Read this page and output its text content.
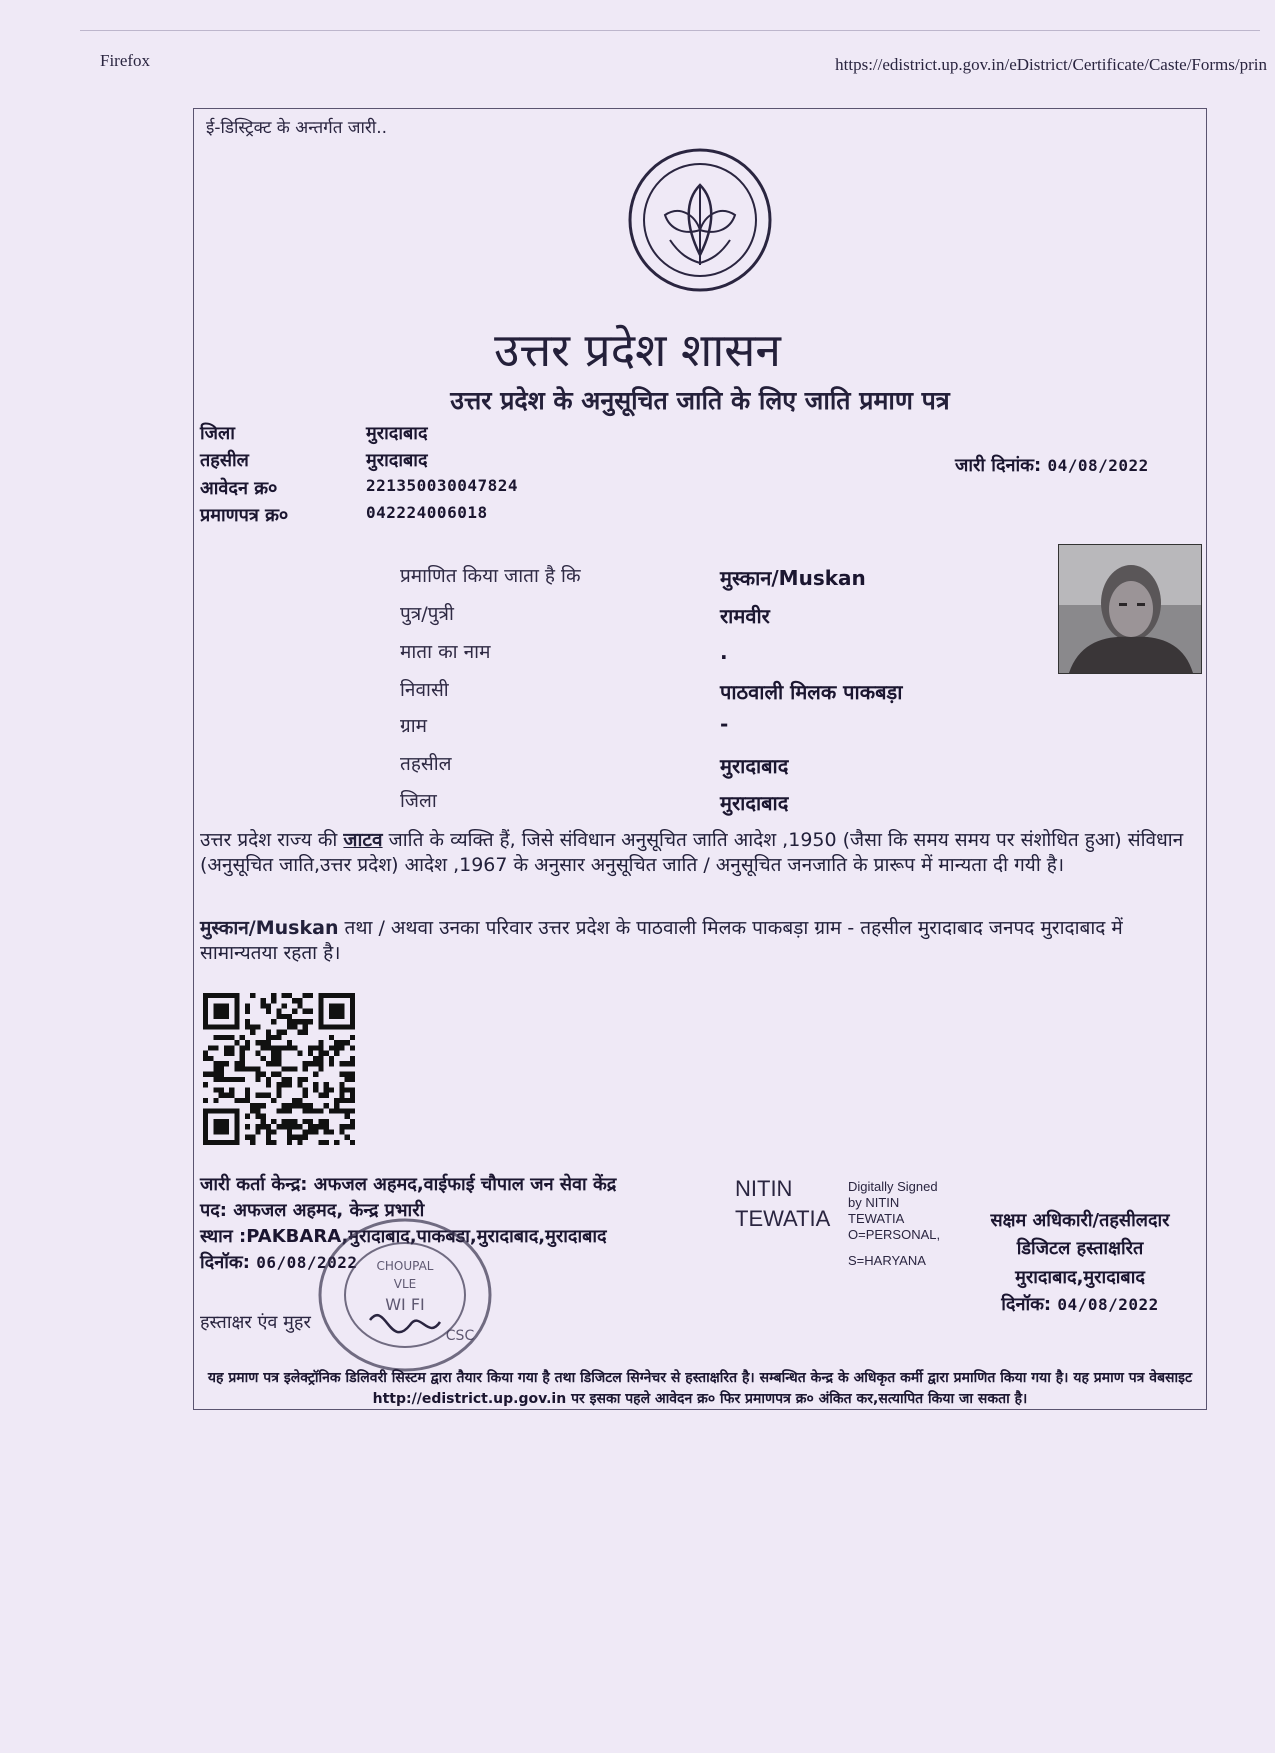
Firefox	https://edistrict.up.gov.in/eDistrict/Certificate/Caste/Forms/prin
ई-डिस्ट्रिक्ट के अन्तर्गत जारी..
उत्तर प्रदेश शासन
उत्तर प्रदेश के अनुसूचित जाति के लिए जाति प्रमाण पत्र
जिला	मुरादाबाद
तहसील	मुरादाबाद
आवेदन क्र०	221350030047824
प्रमाणपत्र क्र०	042224006018
जारी दिनांक: 04/08/2022
प्रमाणित किया जाता है कि	मुस्कान/Muskan
पुत्र/पुत्री	रामवीर
माता का नाम	.
निवासी	पाठवाली मिलक पाकबड़ा
ग्राम	-
तहसील	मुरादाबाद
जिला	मुरादाबाद
उत्तर प्रदेश राज्य की जाटव जाति के व्यक्ति हैं, जिसे संविधान अनुसूचित जाति आदेश ,1950 (जैसा कि समय समय पर संशोधित हुआ) संविधान (अनुसूचित जाति,उत्तर प्रदेश) आदेश ,1967 के अनुसार अनुसूचित जाति / अनुसूचित जनजाति के प्रारूप में मान्यता दी गयी है।
मुस्कान/Muskan तथा / अथवा उनका परिवार उत्तर प्रदेश के पाठवाली मिलक पाकबड़ा ग्राम - तहसील मुरादाबाद जनपद मुरादाबाद में सामान्यतया रहता है।
जारी कर्ता केन्द्र: अफजल अहमद,वाईफाई चौपाल जन सेवा केंद्र
पद: अफजल अहमद, केन्द्र प्रभारी
स्थान :PAKBARA,मुरादाबाद,पाकबडा,मुरादाबाद,मुरादाबाद
दिनॉक: 06/08/2022
हस्ताक्षर एंव मुहर
CHOUPAL
VLE
WI FI
CSC
NITIN
TEWATIA
Digitally Signed
by NITIN
TEWATIA
O=PERSONAL,
S=HARYANA
सक्षम अधिकारी/तहसीलदार
डिजिटल हस्ताक्षरित
मुरादाबाद,मुरादाबाद
दिनॉक: 04/08/2022
यह प्रमाण पत्र इलेक्ट्रॉनिक डिलिवरी सिस्टम द्वारा तैयार किया गया है तथा डिजिटल सिग्नेचर से हस्ताक्षरित है। सम्बन्धित केन्द्र के अधिकृत कर्मी द्वारा प्रमाणित किया गया है। यह प्रमाण पत्र वेबसाइट http://edistrict.up.gov.in पर इसका पहले आवेदन क्र० फिर प्रमाणपत्र क्र० अंकित कर,सत्यापित किया जा सकता है।
